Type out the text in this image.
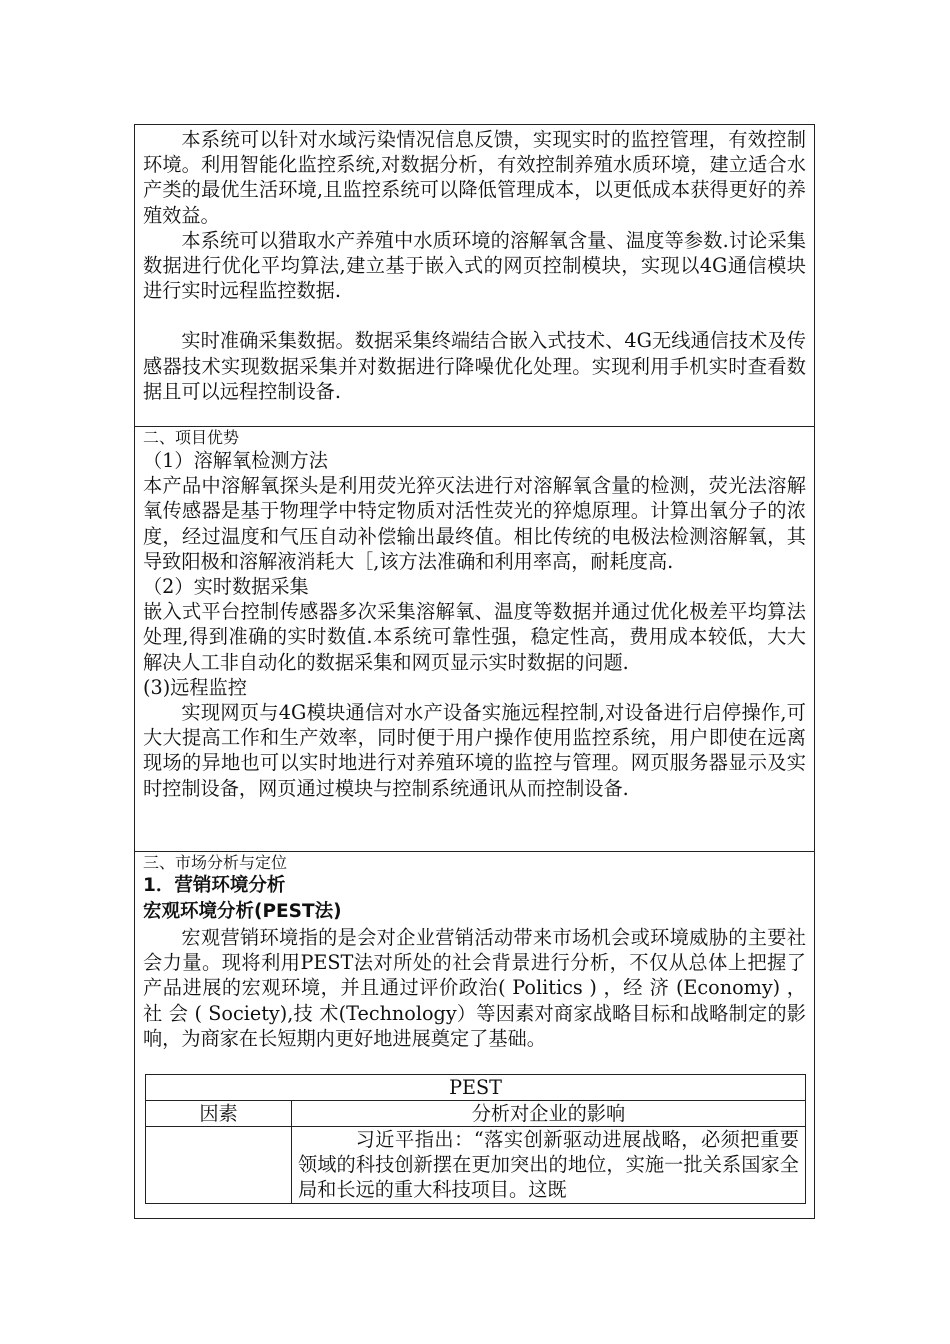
本系统可以针对水域污染情况信息反馈，实现实时的监控管理，有效控制环境。利用智能化监控系统,对数据分析，有效控制养殖水质环境，建立适合水产类的最优生活环境,且监控系统可以降低管理成本，以更低成本获得更好的养殖效益。

本系统可以猎取水产养殖中水质环境的溶解氧含量、温度等参数.讨论采集数据进行优化平均算法,建立基于嵌入式的网页控制模块，实现以4G通信模块进行实时远程监控数据.

实时准确采集数据。数据采集终端结合嵌入式技术、4G无线通信技术及传感器技术实现数据采集并对数据进行降噪优化处理。实现利用手机实时查看数据且可以远程控制设备.

二、项目优势

（1）溶解氧检测方法

本产品中溶解氧探头是利用荧光猝灭法进行对溶解氧含量的检测，荧光法溶解氧传感器是基于物理学中特定物质对活性荧光的猝熄原理。计算出氧分子的浓度，经过温度和气压自动补偿输出最终值。相比传统的电极法检测溶解氧，其导致阳极和溶解液消耗大［,该方法准确和利用率高，耐耗度高.

（2）实时数据采集

嵌入式平台控制传感器多次采集溶解氧、温度等数据并通过优化极差平均算法处理,得到准确的实时数值.本系统可靠性强，稳定性高，费用成本较低，大大解决人工非自动化的数据采集和网页显示实时数据的问题.

(3)远程监控

实现网页与4G模块通信对水产设备实施远程控制,对设备进行启停操作,可大大提高工作和生产效率，同时便于用户操作使用监控系统，用户即使在远离现场的异地也可以实时地进行对养殖环境的监控与管理。网页服务器显示及实时控制设备，网页通过模块与控制系统通讯从而控制设备.

三、市场分析与定位

1．营销环境分析

宏观环境分析(PEST法)

宏观营销环境指的是会对企业营销活动带来市场机会或环境威胁的主要社会力量。现将利用PEST法对所处的社会背景进行分析，不仅从总体上把握了产品进展的宏观环境，并且通过评价政治( Politics ) ，经 济 (Economy) ， 社 会 ( Society),技 术(Technology）等因素对商家战略目标和战略制定的影响，为商家在长短期内更好地进展奠定了基础。

PEST	
因素	分析对企业的影响

	习近平指出：“落实创新驱动进展战略，必须把重要领域的科技创新摆在更加突出的地位，实施一批关系国家全局和长远的重大科技项目。这既
